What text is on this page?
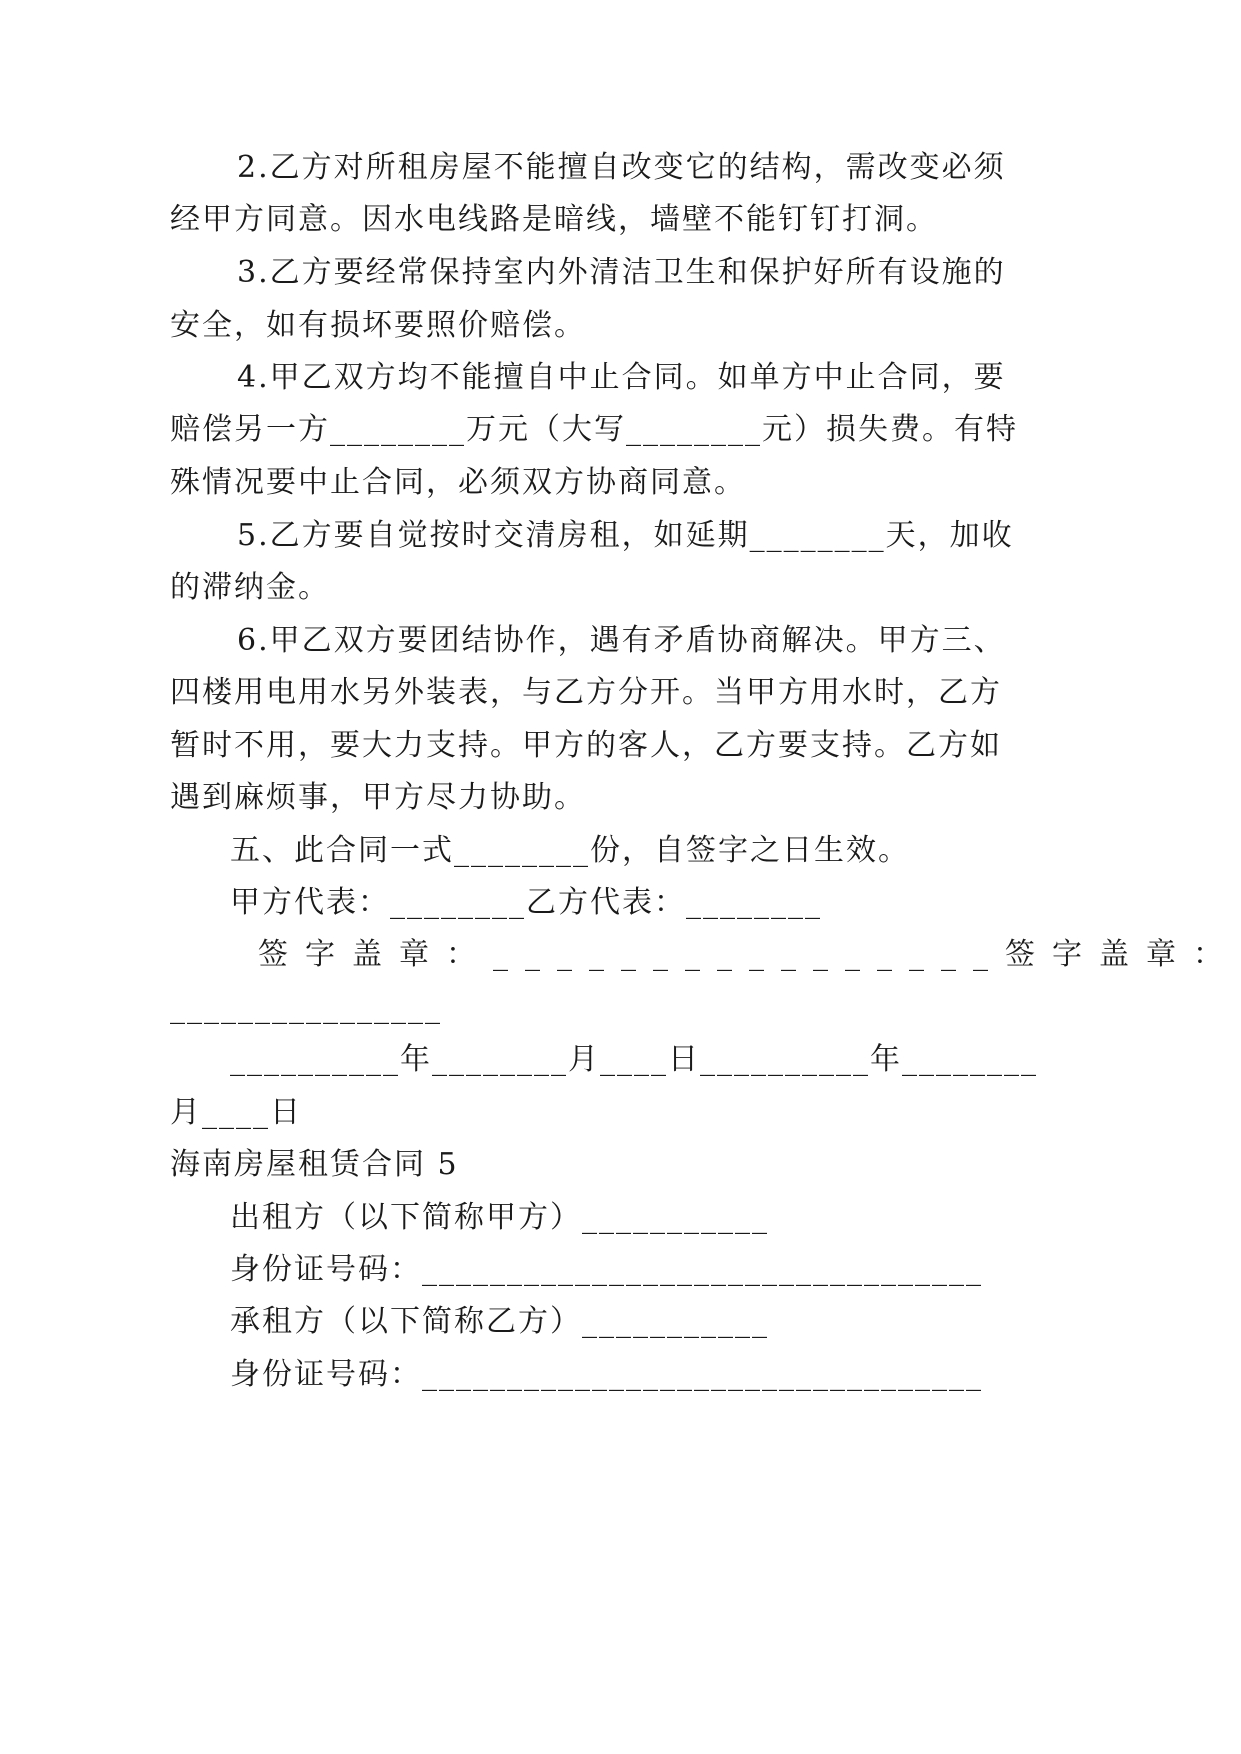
2.乙方对所租房屋不能擅自改变它的结构，需改变必须
经甲方同意。因水电线路是暗线，墙壁不能钉钉打洞。
3.乙方要经常保持室内外清洁卫生和保护好所有设施的
安全，如有损坏要照价赔偿。
4.甲乙双方均不能擅自中止合同。如单方中止合同，要
赔偿另一方________万元（大写________元）损失费。有特
殊情况要中止合同，必须双方协商同意。
5.乙方要自觉按时交清房租，如延期________天，加收
的滞纳金。
6.甲乙双方要团结协作，遇有矛盾协商解决。甲方三、
四楼用电用水另外装表，与乙方分开。当甲方用水时，乙方
暂时不用，要大力支持。甲方的客人，乙方要支持。乙方如
遇到麻烦事，甲方尽力协助。
五、此合同一式________份，自签字之日生效。
甲方代表：________乙方代表：________
签字盖章：________________签字盖章：
________________
__________年________月____日__________年________
月____日
海南房屋租赁合同 5
出租方（以下简称甲方）___________
身份证号码：_________________________________
承租方（以下简称乙方）___________
身份证号码：_________________________________
